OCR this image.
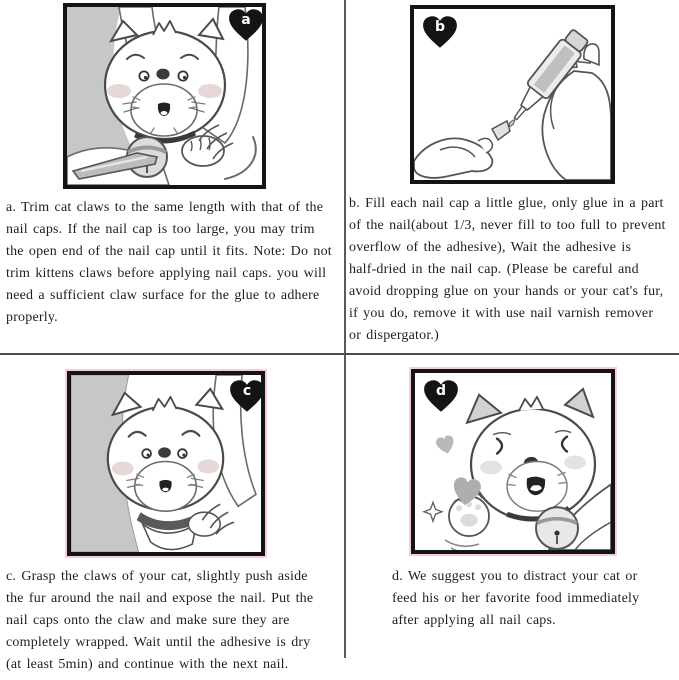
a	b
c	d
a. Trim cat claws to the same length with that of the
nail caps. If the nail cap is too large, you may trim
the open end of the nail cap until it fits. Note: Do not
trim kittens claws before applying nail caps. you will
need a sufficient claw surface for the glue to adhere
properly.
b. Fill each nail cap a little glue, only glue in a part
of the nail(about 1/3, never fill to too full to prevent
overflow of the adhesive), Wait the adhesive is
half-dried in the nail cap. (Please be careful and
avoid dropping glue on your hands or your cat's fur,
if you do, remove it with use nail varnish remover
or dispergator.)
c. Grasp the claws of your cat, slightly push aside
the fur around the nail and expose the nail. Put the
nail caps onto the claw and make sure they are
completely wrapped. Wait until the adhesive is dry
(at least 5min) and continue with the next nail.
d. We suggest you to distract your cat or
feed his or her favorite food immediately
after applying all nail caps.
